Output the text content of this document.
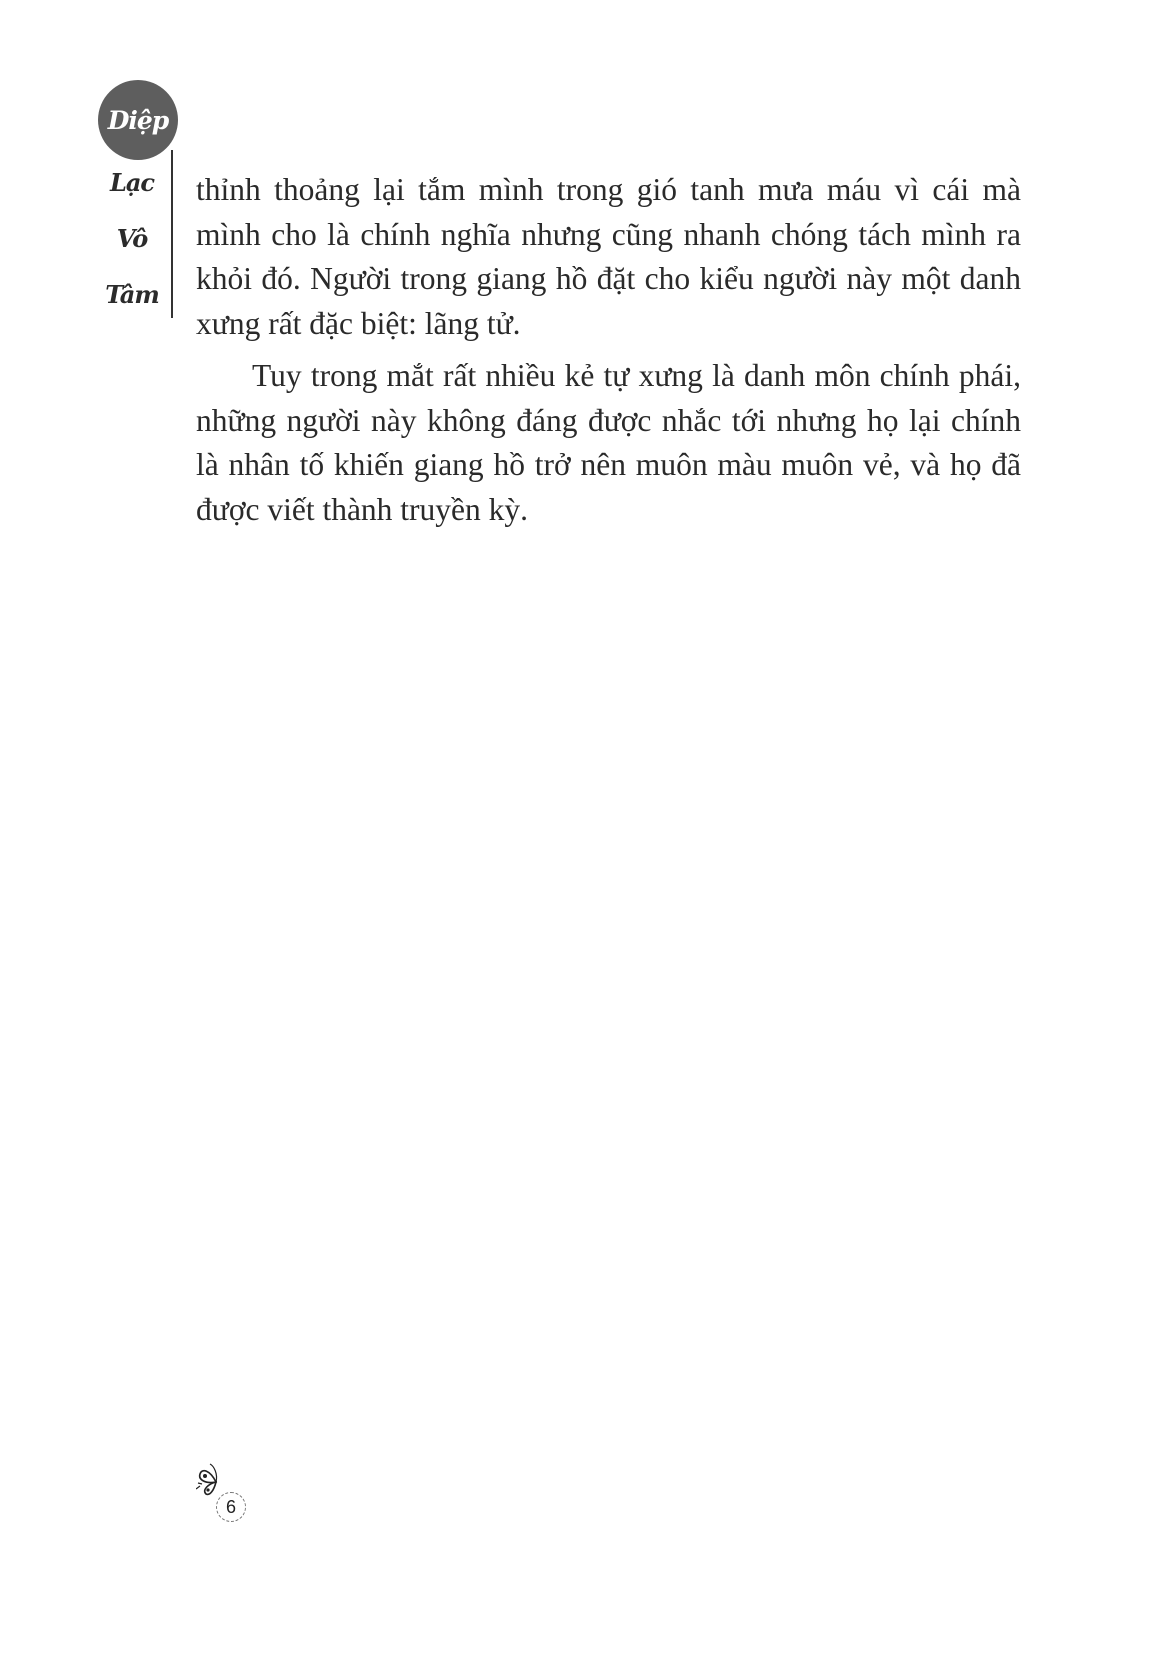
Diệp
Lạc
Vô
Tâm

thỉnh thoảng lại tắm mình trong gió tanh mưa máu vì cái mà mình cho là chính nghĩa nhưng cũng nhanh chóng tách mình ra khỏi đó. Người trong giang hồ đặt cho kiểu người này một danh xưng rất đặc biệt: lãng tử.

Tuy trong mắt rất nhiều kẻ tự xưng là danh môn chính phái, những người này không đáng được nhắc tới nhưng họ lại chính là nhân tố khiến giang hồ trở nên muôn màu muôn vẻ, và họ đã được viết thành truyền kỳ.

6
